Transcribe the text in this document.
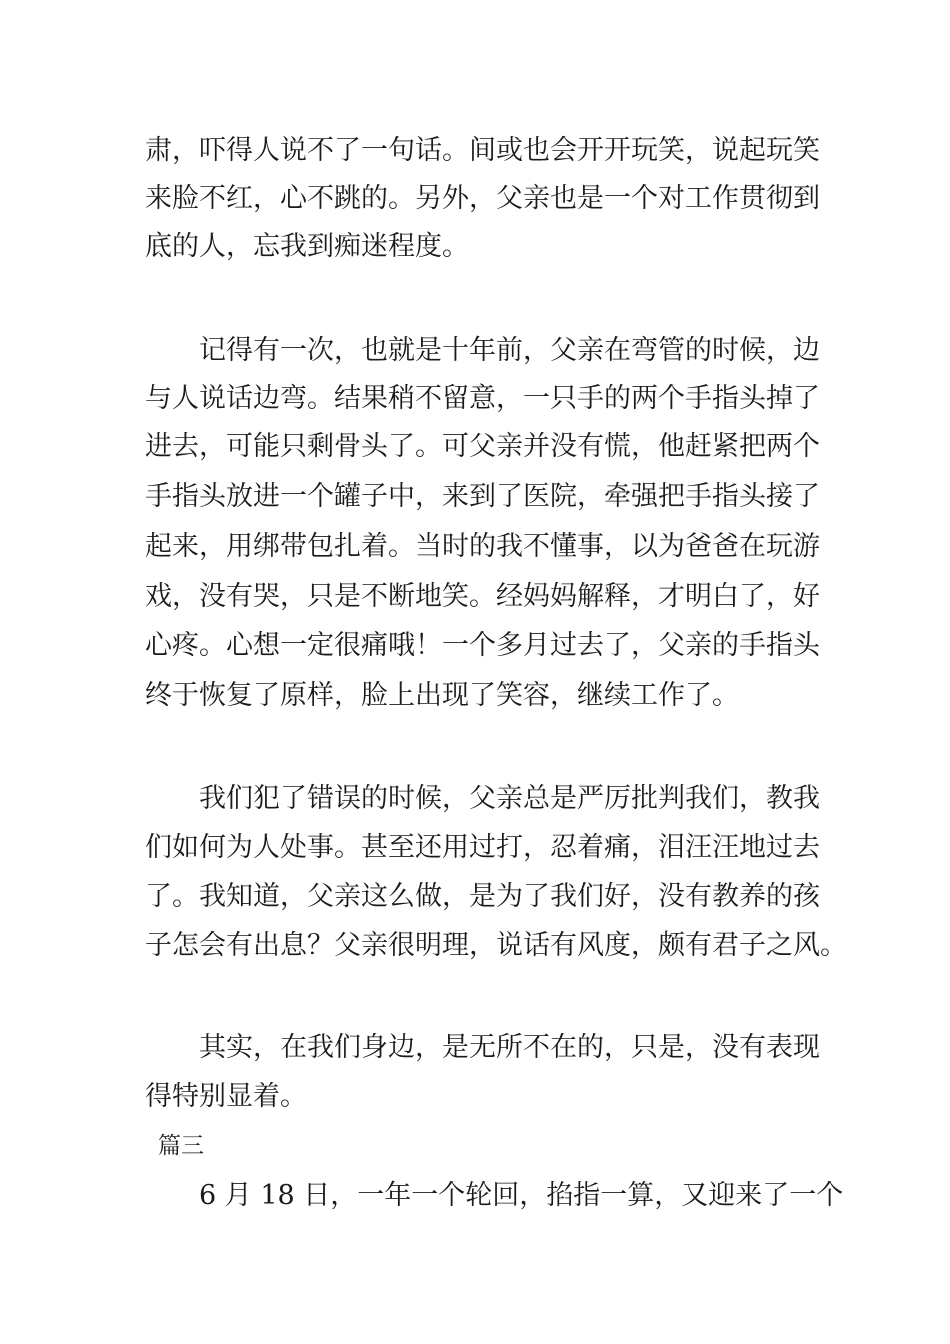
肃，吓得人说不了一句话。间或也会开开玩笑，说起玩笑
来脸不红，心不跳的。另外，父亲也是一个对工作贯彻到
底的人，忘我到痴迷程度。
记得有一次，也就是十年前，父亲在弯管的时候，边
与人说话边弯。结果稍不留意，一只手的两个手指头掉了
进去，可能只剩骨头了。可父亲并没有慌，他赶紧把两个
手指头放进一个罐子中，来到了医院，牵强把手指头接了
起来，用绑带包扎着。当时的我不懂事，以为爸爸在玩游
戏，没有哭，只是不断地笑。经妈妈解释，才明白了，好
心疼。心想一定很痛哦！一个多月过去了，父亲的手指头
终于恢复了原样，脸上出现了笑容，继续工作了。
我们犯了错误的时候，父亲总是严厉批判我们，教我
们如何为人处事。甚至还用过打，忍着痛，泪汪汪地过去
了。我知道，父亲这么做，是为了我们好，没有教养的孩
子怎会有出息？父亲很明理，说话有风度，颇有君子之风。
其实，在我们身边，是无所不在的，只是，没有表现
得特别显着。
篇三
6 月 18 日，一年一个轮回，掐指一算，又迎来了一个
